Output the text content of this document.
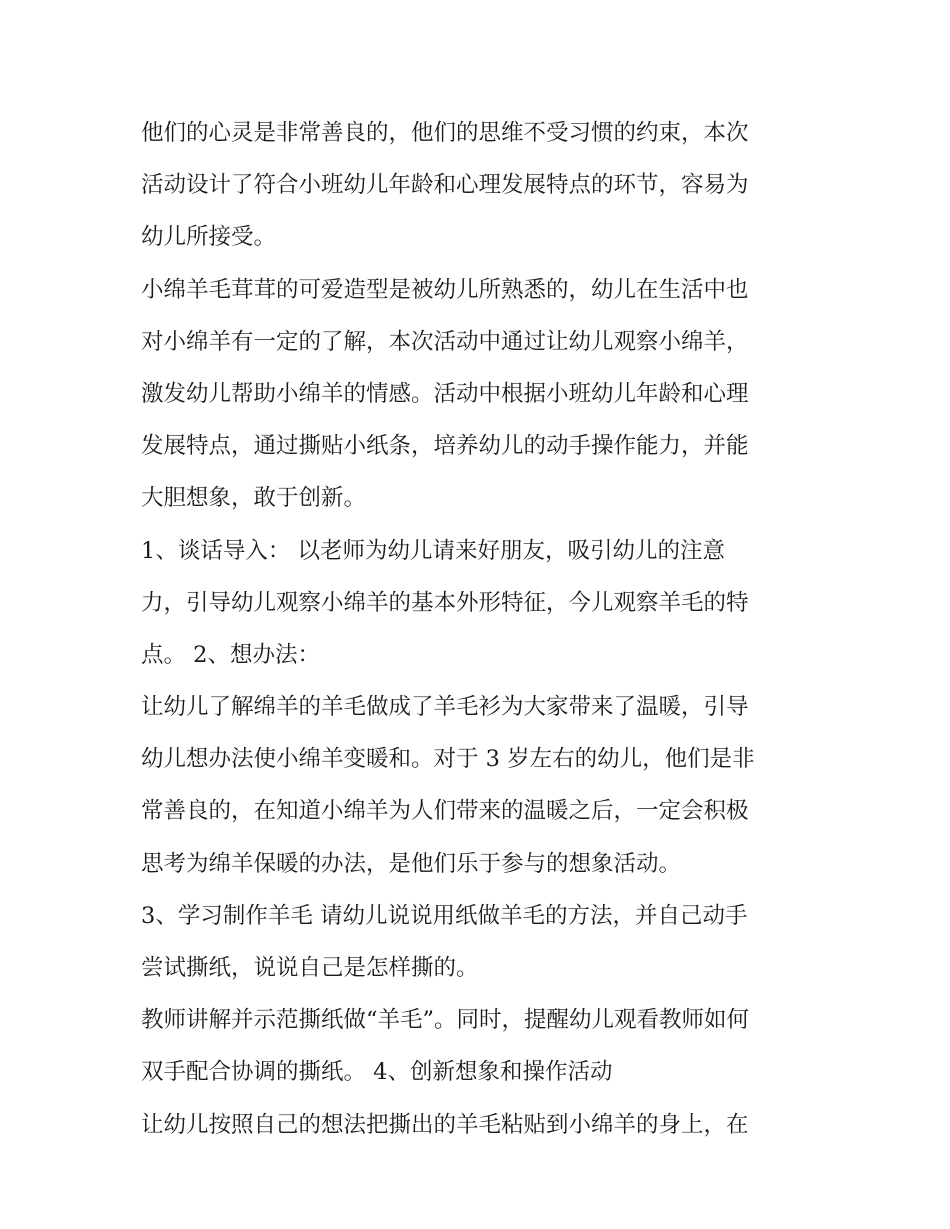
他们的心灵是非常善良的，他们的思维不受习惯的约束，本次
活动设计了符合小班幼儿年龄和心理发展特点的环节，容易为
幼儿所接受。
小绵羊毛茸茸的可爱造型是被幼儿所熟悉的，幼儿在生活中也
对小绵羊有一定的了解，本次活动中通过让幼儿观察小绵羊，
激发幼儿帮助小绵羊的情感。活动中根据小班幼儿年龄和心理
发展特点，通过撕贴小纸条，培养幼儿的动手操作能力，并能
大胆想象，敢于创新。
1、谈话导入： 以老师为幼儿请来好朋友，吸引幼儿的注意
力，引导幼儿观察小绵羊的基本外形特征，今儿观察羊毛的特
点。 2、想办法：
让幼儿了解绵羊的羊毛做成了羊毛衫为大家带来了温暖，引导
幼儿想办法使小绵羊变暖和。对于 3 岁左右的幼儿，他们是非
常善良的，在知道小绵羊为人们带来的温暖之后，一定会积极
思考为绵羊保暖的办法，是他们乐于参与的想象活动。
3、学习制作羊毛 请幼儿说说用纸做羊毛的方法，并自己动手
尝试撕纸，说说自己是怎样撕的。
教师讲解并示范撕纸做“羊毛”。同时，提醒幼儿观看教师如何
双手配合协调的撕纸。 4、创新想象和操作活动
让幼儿按照自己的想法把撕出的羊毛粘贴到小绵羊的身上，在
